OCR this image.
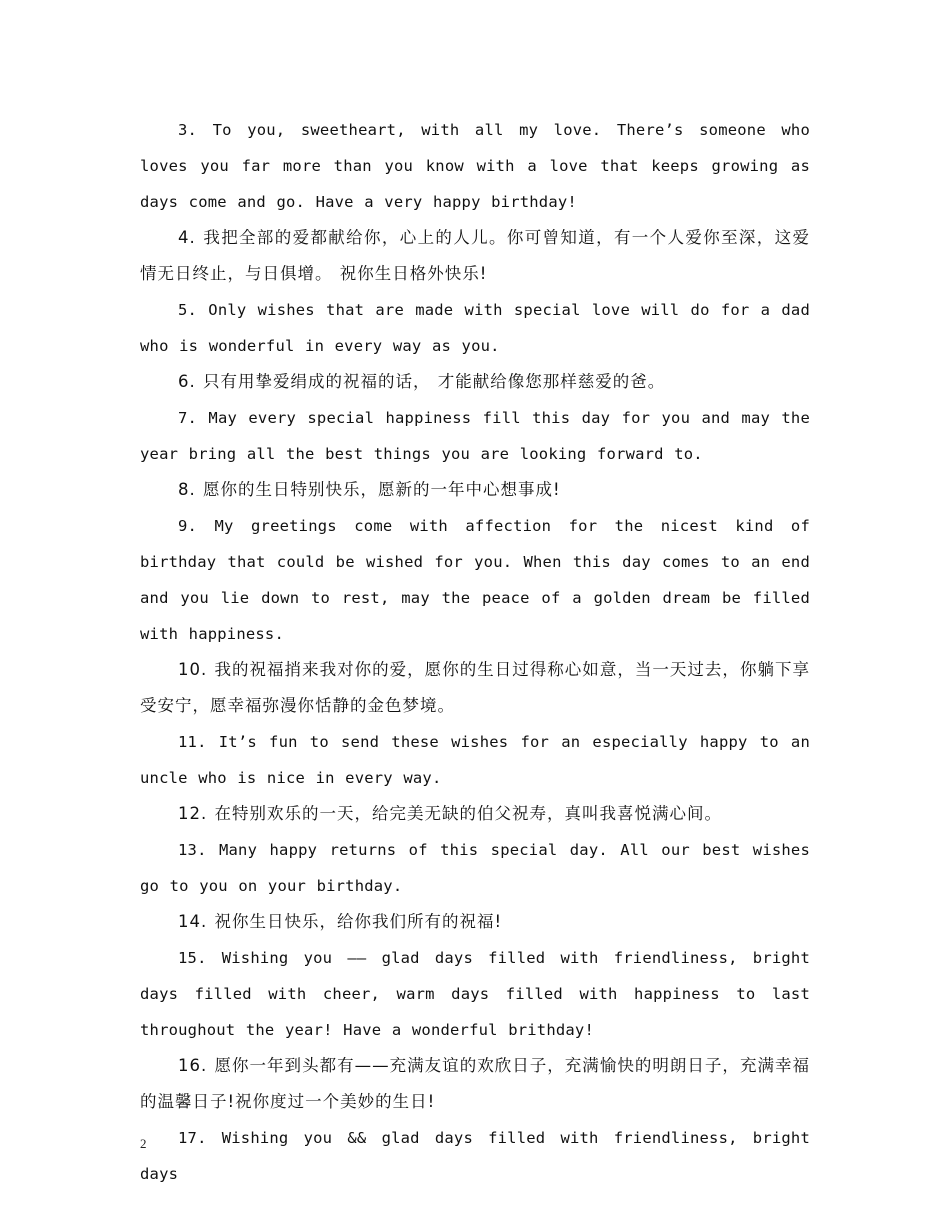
3. To you, sweetheart, with all my love. There’s someone who loves you far more than you know with a love that keeps growing as days come and go. Have a very happy birthday!

4. 我把全部的爱都献给你，心上的人儿。你可曾知道，有一个人爱你至深，这爱情无日终止，与日俱增。 祝你生日格外快乐!

5. Only wishes that are made with special love will do for a dad who is wonderful in every way as you.

6. 只有用挚爱绢成的祝福的话， 才能献给像您那样慈爱的爸。

7. May every special happiness fill this day for you and may the year bring all the best things you are looking forward to.

8. 愿你的生日特别快乐，愿新的一年中心想事成!

9. My greetings come with affection for the nicest kind of birthday that could be wished for you. When this day comes to an end and you lie down to rest, may the peace of a golden dream be filled with happiness.

10. 我的祝福捎来我对你的爱，愿你的生日过得称心如意，当一天过去，你躺下享受安宁，愿幸福弥漫你恬静的金色梦境。

11. It’s fun to send these wishes for an especially happy to an uncle who is nice in every way.

12. 在特别欢乐的一天，给完美无缺的伯父祝寿，真叫我喜悦满心间。

13. Many happy returns of this special day. All our best wishes go to you on your birthday.

14. 祝你生日快乐，给你我们所有的祝福!

15. Wishing you —— glad days filled with friendliness, bright days filled with cheer, warm days filled with happiness to last throughout the year! Have a wonderful brithday!

16. 愿你一年到头都有——充满友谊的欢欣日子，充满愉快的明朗日子，充满幸福的温馨日子!祝你度过一个美妙的生日!

17. Wishing you && glad days filled with friendliness, bright days

2
